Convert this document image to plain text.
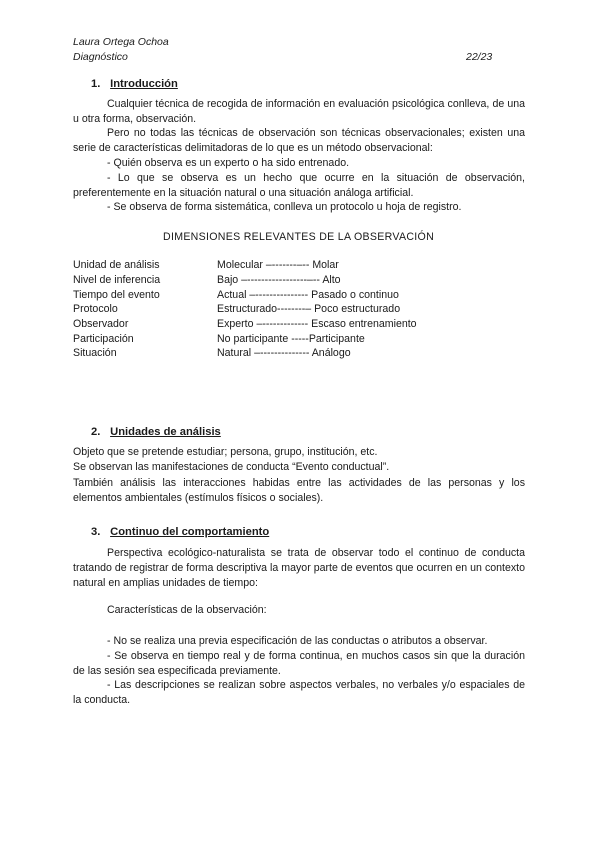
Laura Ortega Ochoa
Diagnóstico	22/23
1. Introducción
Cualquier técnica de recogida de información en evaluación psicológica conlleva, de una u otra forma, observación.
Pero no todas las técnicas de observación son técnicas observacionales; existen una serie de características delimitadoras de lo que es un método observacional:
- Quién observa es un experto o ha sido entrenado.
- Lo que se observa es un hecho que ocurre en la situación de observación, preferentemente en la situación natural o una situación análoga artificial.
- Se observa de forma sistemática, conlleva un protocolo u hoja de registro.
DIMENSIONES RELEVANTES DE LA OBSERVACIÓN
Unidad de análisis	Molecular –-------–-- Molar
Nivel de inferencia	Bajo –-----------------–-- Alto
Tiempo del evento	Actual –--------------- Pasado o continuo
Protocolo	Estructurado--------– Poco estructurado
Observador	Experto –------------- Escaso entrenamiento
Participación	No participante -----Participante
Situación	Natural –-------------- Análogo
2. Unidades de análisis
Objeto que se pretende estudiar; persona, grupo, institución, etc.
Se observan las manifestaciones de conducta “Evento conductual”.
También análisis las interacciones habidas entre las actividades de las personas y los elementos ambientales (estímulos físicos o sociales).
3. Continuo del comportamiento
Perspectiva ecológico-naturalista se trata de observar todo el continuo de conducta tratando de registrar de forma descriptiva la mayor parte de eventos que ocurren en un contexto natural en amplias unidades de tiempo:
Características de la observación:
- No se realiza una previa especificación de las conductas o atributos a observar.
- Se observa en tiempo real y de forma continua, en muchos casos sin que la duración de las sesión sea especificada previamente.
- Las descripciones se realizan sobre aspectos verbales, no verbales y/o espaciales de la conducta.
